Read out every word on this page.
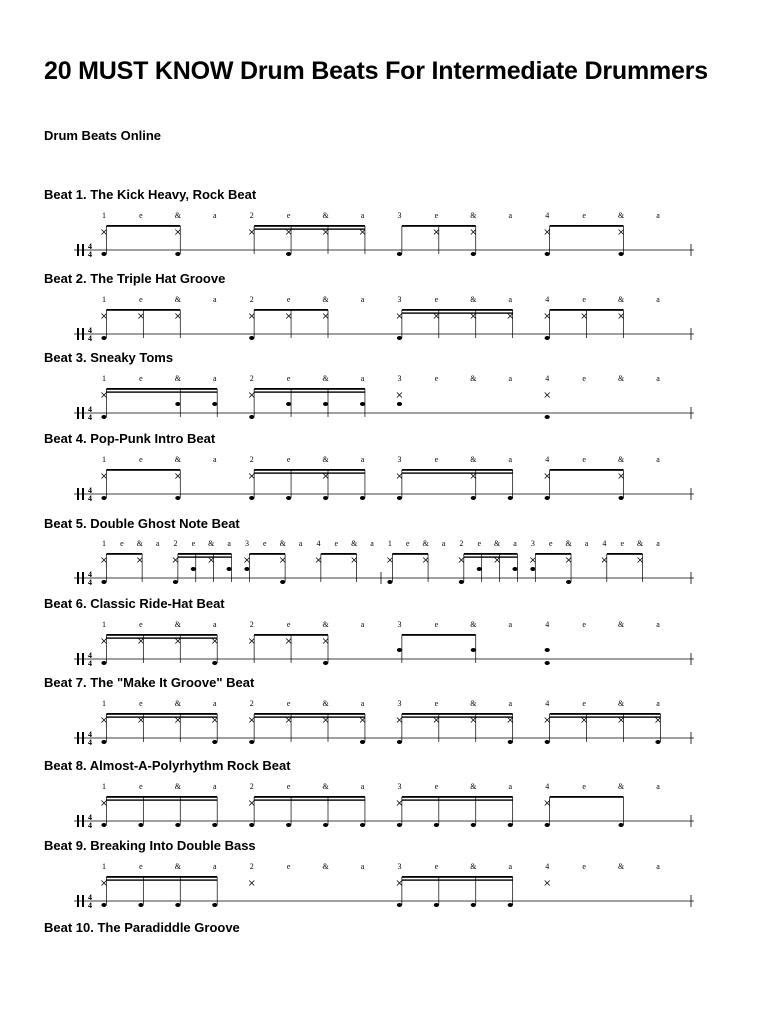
20 MUST KNOW Drum Beats For Intermediate Drummers
Drum Beats Online
Beat 1. The Kick Heavy, Rock Beat
4
4
1	e	&	a	2	e	&	a	3	e	&	a	4	e	&	a
Beat 2. The Triple Hat Groove
4
4
1	e	&	a	2	e	&	a	3	e	&	a	4	e	&	a
Beat 3. Sneaky Toms
4
4
1	e	&	a	2	e	&	a	3	e	&	a	4	e	&	a
Beat 4. Pop-Punk Intro Beat
4
4
1	e	&	a	2	e	&	a	3	e	&	a	4	e	&	a
Beat 5. Double Ghost Note Beat
4
4
1 e & a 2 e & a 3 e & a 4 e & a 1 e & a 2 e & a 3 e & a 4 e & a
Beat 6. Classic Ride-Hat Beat
4
4
1	e	&	a	2	e	&	a	3	e	&	a	4	e	&	a
Beat 7. The "Make It Groove" Beat
4
4
1	e	&	a	2	e	&	a	3	e	&	a	4	e	&	a
Beat 8. Almost-A-Polyrhythm Rock Beat
4
4
1	e	&	a	2	e	&	a	3	e	&	a	4	e	&	a
Beat 9. Breaking Into Double Bass
4
4
1	e	&	a	2	e	&	a	3	e	&	a	4	e	&	a
Beat 10. The Paradiddle Groove
